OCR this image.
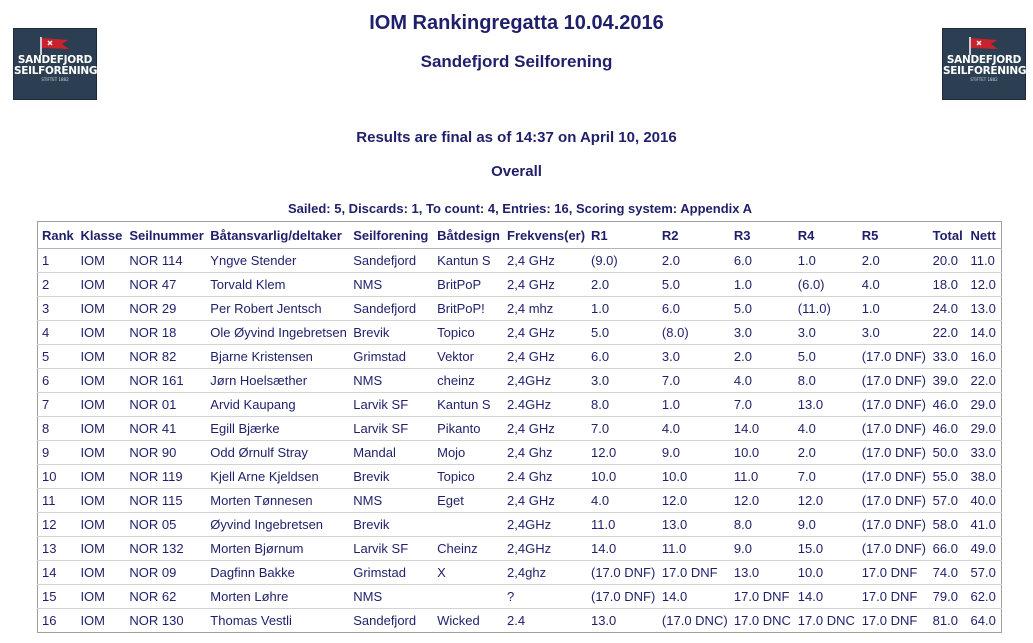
SANDEFJORD
SEILFORENING
STIFTET 1882
SANDEFJORD
SEILFORENING
STIFTET 1882
IOM Rankingregatta 10.04.2016
Sandefjord Seilforening
Results are final as of 14:37 on April 10, 2016
Overall
Sailed: 5, Discards: 1, To count: 4, Entries: 16, Scoring system: Appendix A
Rank	Klasse	Seilnummer	Båtansvarlig/deltaker	Seilforening	Båtdesign	Frekvens(er)	R1	R2	R3	R4	R5	Total	Nett
1	IOM	NOR 114	Yngve Stender	Sandefjord	Kantun S	2,4 GHz	(9.0)	2.0	6.0	1.0	2.0	20.0	11.0
2	IOM	NOR 47	Torvald Klem	NMS	BritPoP	2,4 GHz	2.0	5.0	1.0	(6.0)	4.0	18.0	12.0
3	IOM	NOR 29	Per Robert Jentsch	Sandefjord	BritPoP!	2,4 mhz	1.0	6.0	5.0	(11.0)	1.0	24.0	13.0
4	IOM	NOR 18	Ole Øyvind Ingebretsen	Brevik	Topico	2,4 GHz	5.0	(8.0)	3.0	3.0	3.0	22.0	14.0
5	IOM	NOR 82	Bjarne Kristensen	Grimstad	Vektor	2,4 GHz	6.0	3.0	2.0	5.0	(17.0 DNF)	33.0	16.0
6	IOM	NOR 161	Jørn Hoelsæther	NMS	cheinz	2,4GHz	3.0	7.0	4.0	8.0	(17.0 DNF)	39.0	22.0
7	IOM	NOR 01	Arvid Kaupang	Larvik SF	Kantun S	2.4GHz	8.0	1.0	7.0	13.0	(17.0 DNF)	46.0	29.0
8	IOM	NOR 41	Egill Bjærke	Larvik SF	Pikanto	2,4 GHz	7.0	4.0	14.0	4.0	(17.0 DNF)	46.0	29.0
9	IOM	NOR 90	Odd Ørnulf Stray	Mandal	Mojo	2,4 Ghz	12.0	9.0	10.0	2.0	(17.0 DNF)	50.0	33.0
10	IOM	NOR 119	Kjell Arne Kjeldsen	Brevik	Topico	2.4 Ghz	10.0	10.0	11.0	7.0	(17.0 DNF)	55.0	38.0
11	IOM	NOR 115	Morten Tønnesen	NMS	Eget	2,4 GHz	4.0	12.0	12.0	12.0	(17.0 DNF)	57.0	40.0
12	IOM	NOR 05	Øyvind Ingebretsen	Brevik		2,4GHz	11.0	13.0	8.0	9.0	(17.0 DNF)	58.0	41.0
13	IOM	NOR 132	Morten Bjørnum	Larvik SF	Cheinz	2,4GHz	14.0	11.0	9.0	15.0	(17.0 DNF)	66.0	49.0
14	IOM	NOR 09	Dagfinn Bakke	Grimstad	X	2,4ghz	(17.0 DNF)	17.0 DNF	13.0	10.0	17.0 DNF	74.0	57.0
15	IOM	NOR 62	Morten Løhre	NMS		?	(17.0 DNF)	14.0	17.0 DNF	14.0	17.0 DNF	79.0	62.0
16	IOM	NOR 130	Thomas Vestli	Sandefjord	Wicked	2.4	13.0	(17.0 DNC)	17.0 DNC	17.0 DNC	17.0 DNF	81.0	64.0
